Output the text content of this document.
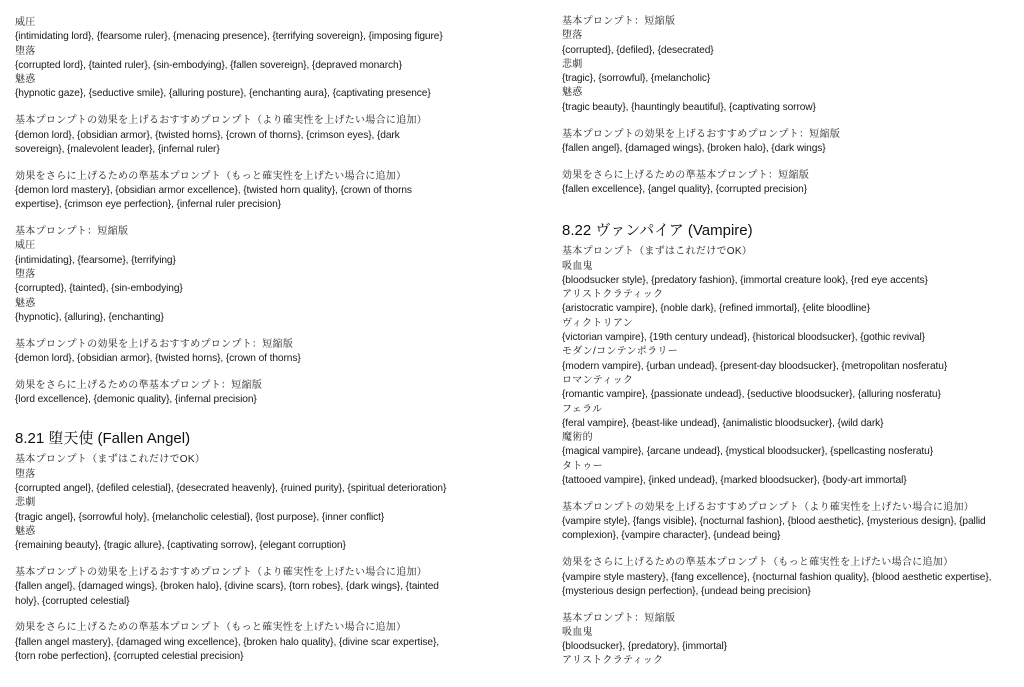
威圧
{intimidating lord}, {fearsome ruler}, {menacing presence}, {terrifying sovereign}, {imposing figure}
堕落
{corrupted lord}, {tainted ruler}, {sin-embodying}, {fallen sovereign}, {depraved monarch}
魅惑
{hypnotic gaze}, {seductive smile}, {alluring posture}, {enchanting aura}, {captivating presence}
基本プロンプトの効果を上げるおすすめプロンプト（より確実性を上げたい場合に追加）
{demon lord}, {obsidian armor}, {twisted horns}, {crown of thorns}, {crimson eyes}, {dark
sovereign}, {malevolent leader}, {infernal ruler}
効果をさらに上げるための準基本プロンプト（もっと確実性を上げたい場合に追加）
{demon lord mastery}, {obsidian armor excellence}, {twisted horn quality}, {crown of thorns
expertise}, {crimson eye perfection}, {infernal ruler precision}
基本プロンプト：短縮版
威圧
{intimidating}, {fearsome}, {terrifying}
堕落
{corrupted}, {tainted}, {sin-embodying}
魅惑
{hypnotic}, {alluring}, {enchanting}
基本プロンプトの効果を上げるおすすめプロンプト：短縮版
{demon lord}, {obsidian armor}, {twisted horns}, {crown of thorns}
効果をさらに上げるための準基本プロンプト：短縮版
{lord excellence}, {demonic quality}, {infernal precision}
8.21 堕天使 (Fallen Angel)
基本プロンプト（まずはこれだけでOK）
堕落
{corrupted angel}, {defiled celestial}, {desecrated heavenly}, {ruined purity}, {spiritual deterioration}
悲劇
{tragic angel}, {sorrowful holy}, {melancholic celestial}, {lost purpose}, {inner conflict}
魅惑
{remaining beauty}, {tragic allure}, {captivating sorrow}, {elegant corruption}
基本プロンプトの効果を上げるおすすめプロンプト（より確実性を上げたい場合に追加）
{fallen angel}, {damaged wings}, {broken halo}, {divine scars}, {torn robes}, {dark wings}, {tainted
holy}, {corrupted celestial}
効果をさらに上げるための準基本プロンプト（もっと確実性を上げたい場合に追加）
{fallen angel mastery}, {damaged wing excellence}, {broken halo quality}, {divine scar expertise},
{torn robe perfection}, {corrupted celestial precision}
基本プロンプト：短縮版
堕落
{corrupted}, {defiled}, {desecrated}
悲劇
{tragic}, {sorrowful}, {melancholic}
魅惑
{tragic beauty}, {hauntingly beautiful}, {captivating sorrow}
基本プロンプトの効果を上げるおすすめプロンプト：短縮版
{fallen angel}, {damaged wings}, {broken halo}, {dark wings}
効果をさらに上げるための準基本プロンプト：短縮版
{fallen excellence}, {angel quality}, {corrupted precision}
8.22 ヴァンパイア (Vampire)
基本プロンプト（まずはこれだけでOK）
吸血鬼
{bloodsucker style}, {predatory fashion}, {immortal creature look}, {red eye accents}
アリストクラティック
{aristocratic vampire}, {noble dark}, {refined immortal}, {elite bloodline}
ヴィクトリアン
{victorian vampire}, {19th century undead}, {historical bloodsucker}, {gothic revival}
モダン/コンテンポラリー
{modern vampire}, {urban undead}, {present-day bloodsucker}, {metropolitan nosferatu}
ロマンティック
{romantic vampire}, {passionate undead}, {seductive bloodsucker}, {alluring nosferatu}
フェラル
{feral vampire}, {beast-like undead}, {animalistic bloodsucker}, {wild dark}
魔術的
{magical vampire}, {arcane undead}, {mystical bloodsucker}, {spellcasting nosferatu}
タトゥー
{tattooed vampire}, {inked undead}, {marked bloodsucker}, {body-art immortal}
基本プロンプトの効果を上げるおすすめプロンプト（より確実性を上げたい場合に追加）
{vampire style}, {fangs visible}, {nocturnal fashion}, {blood aesthetic}, {mysterious design}, {pallid
complexion}, {vampire character}, {undead being}
効果をさらに上げるための準基本プロンプト（もっと確実性を上げたい場合に追加）
{vampire style mastery}, {fang excellence}, {nocturnal fashion quality}, {blood aesthetic expertise},
{mysterious design perfection}, {undead being precision}
基本プロンプト：短縮版
吸血鬼
{bloodsucker}, {predatory}, {immortal}
アリストクラティック
